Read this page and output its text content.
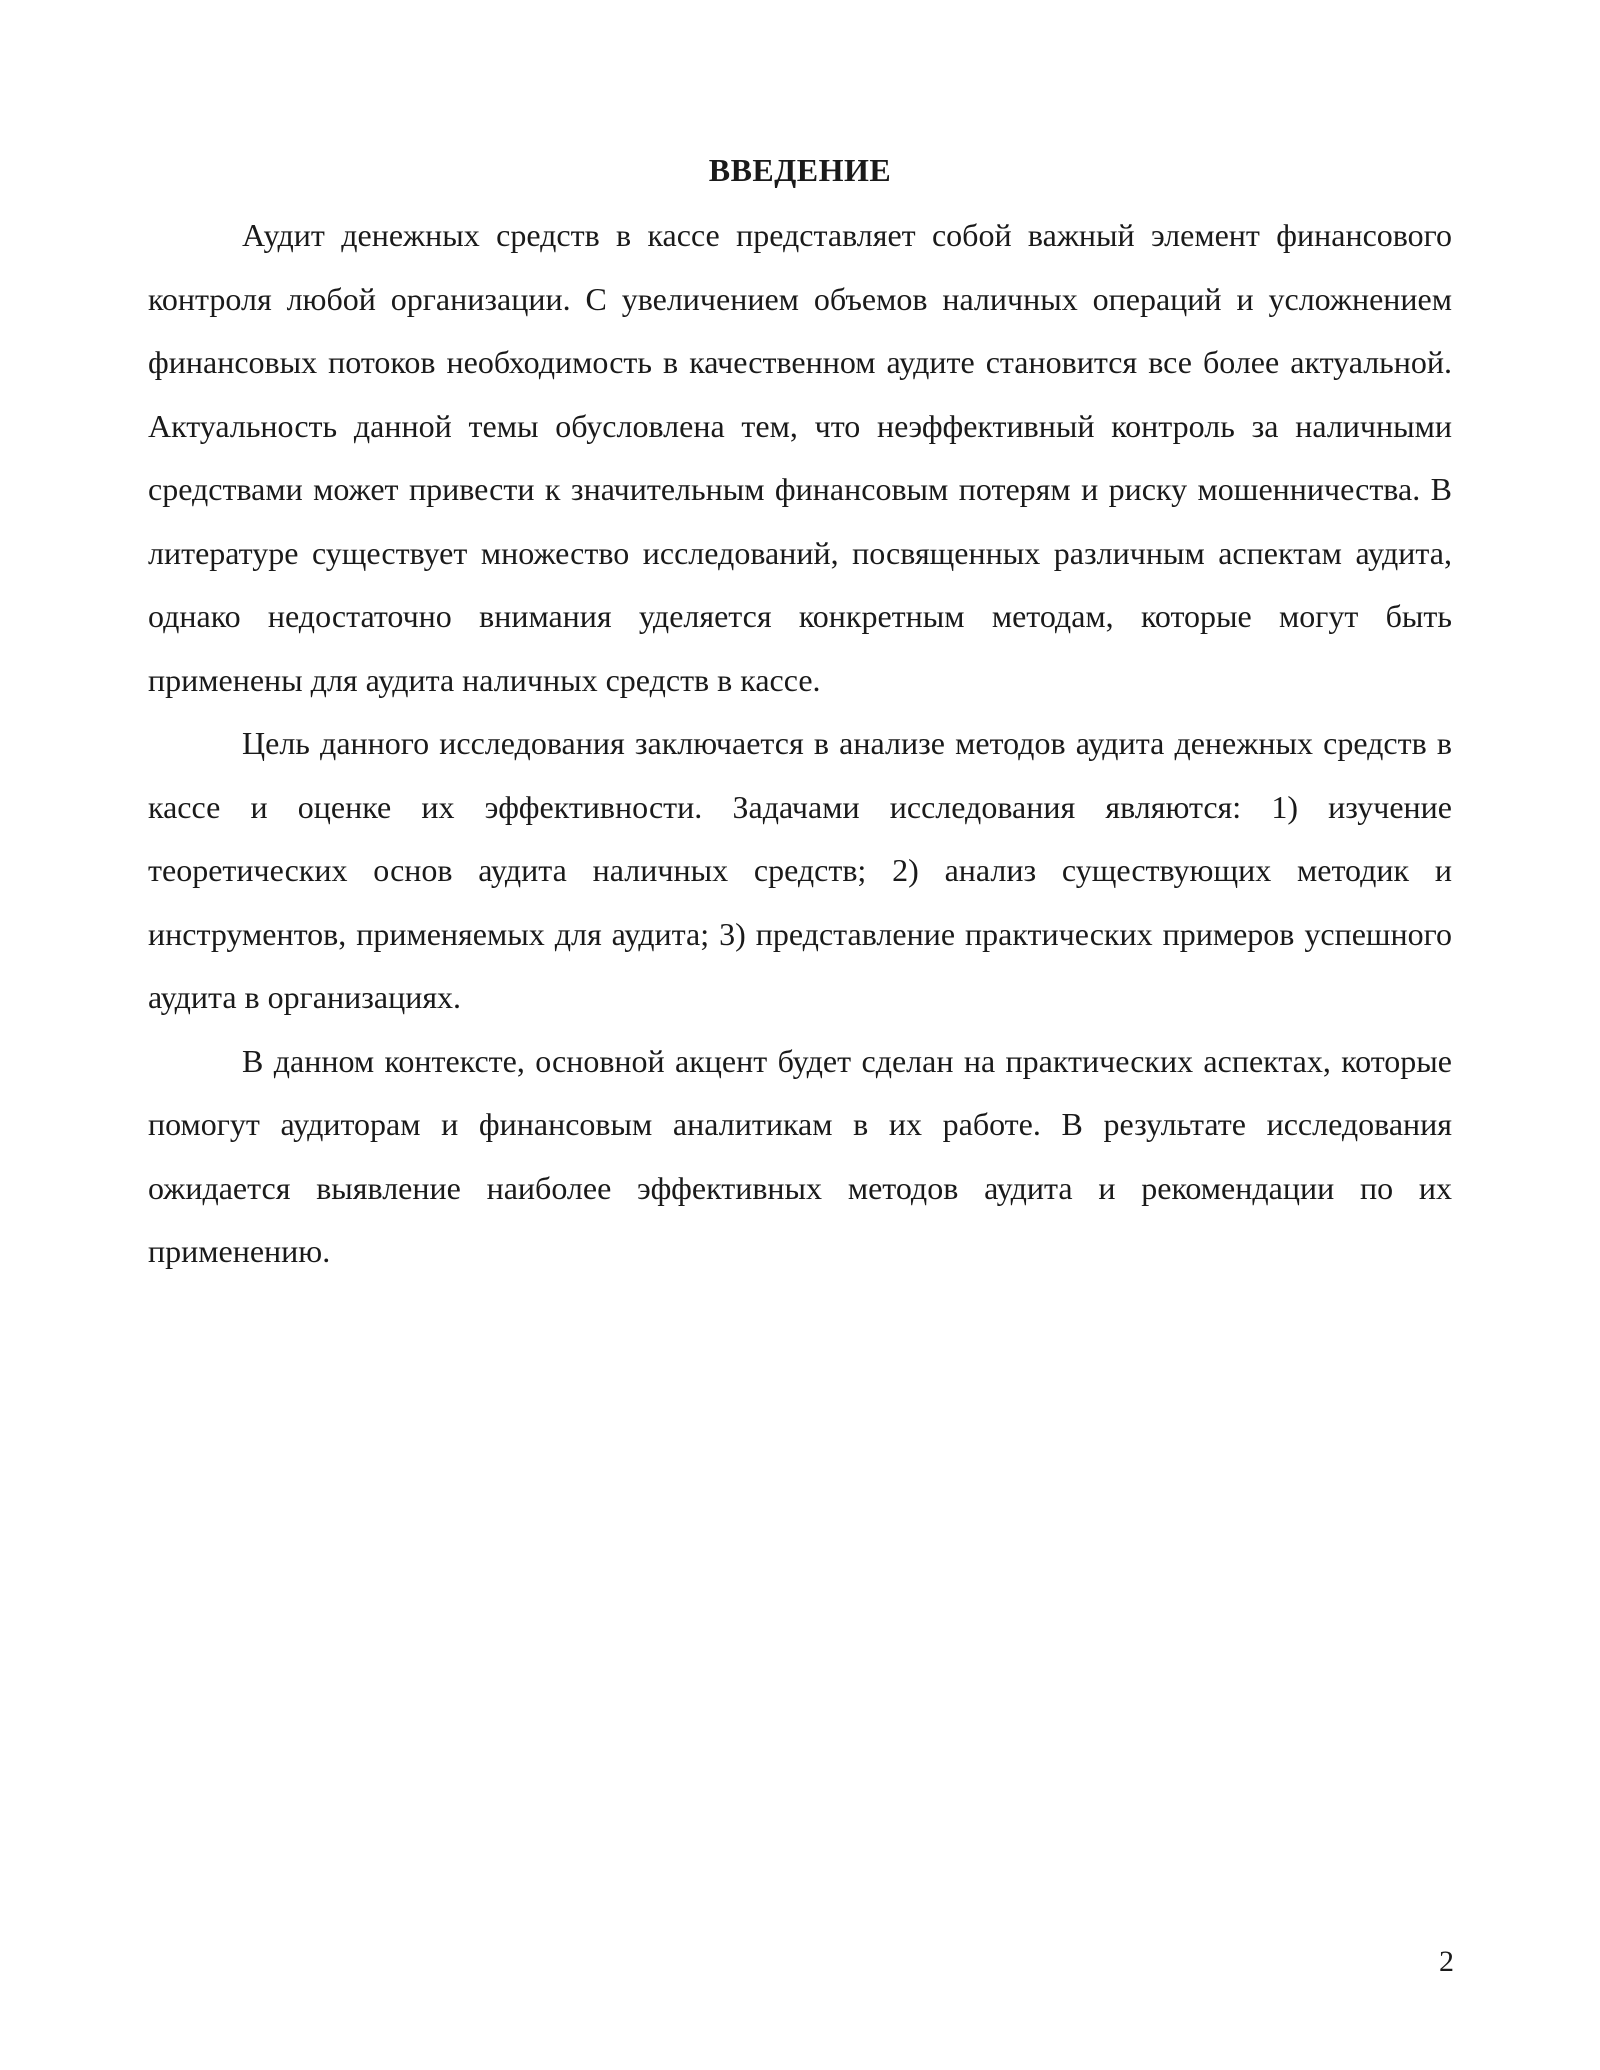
ВВЕДЕНИЕ

Аудит денежных средств в кассе представляет собой важный элемент финансового контроля любой организации. С увеличением объемов наличных операций и усложнением финансовых потоков необходимость в качественном аудите становится все более актуальной. Актуальность данной темы обусловлена тем, что неэффективный контроль за наличными средствами может привести к значительным финансовым потерям и риску мошенничества. В литературе существует множество исследований, посвященных различным аспектам аудита, однако недостаточно внимания уделяется конкретным методам, которые могут быть применены для аудита наличных средств в кассе.

Цель данного исследования заключается в анализе методов аудита денежных средств в кассе и оценке их эффективности. Задачами исследования являются: 1) изучение теоретических основ аудита наличных средств; 2) анализ существующих методик и инструментов, применяемых для аудита; 3) представление практических примеров успешного аудита в организациях.

В данном контексте, основной акцент будет сделан на практических аспектах, которые помогут аудиторам и финансовым аналитикам в их работе. В результате исследования ожидается выявление наиболее эффективных методов аудита и рекомендации по их применению.

2
